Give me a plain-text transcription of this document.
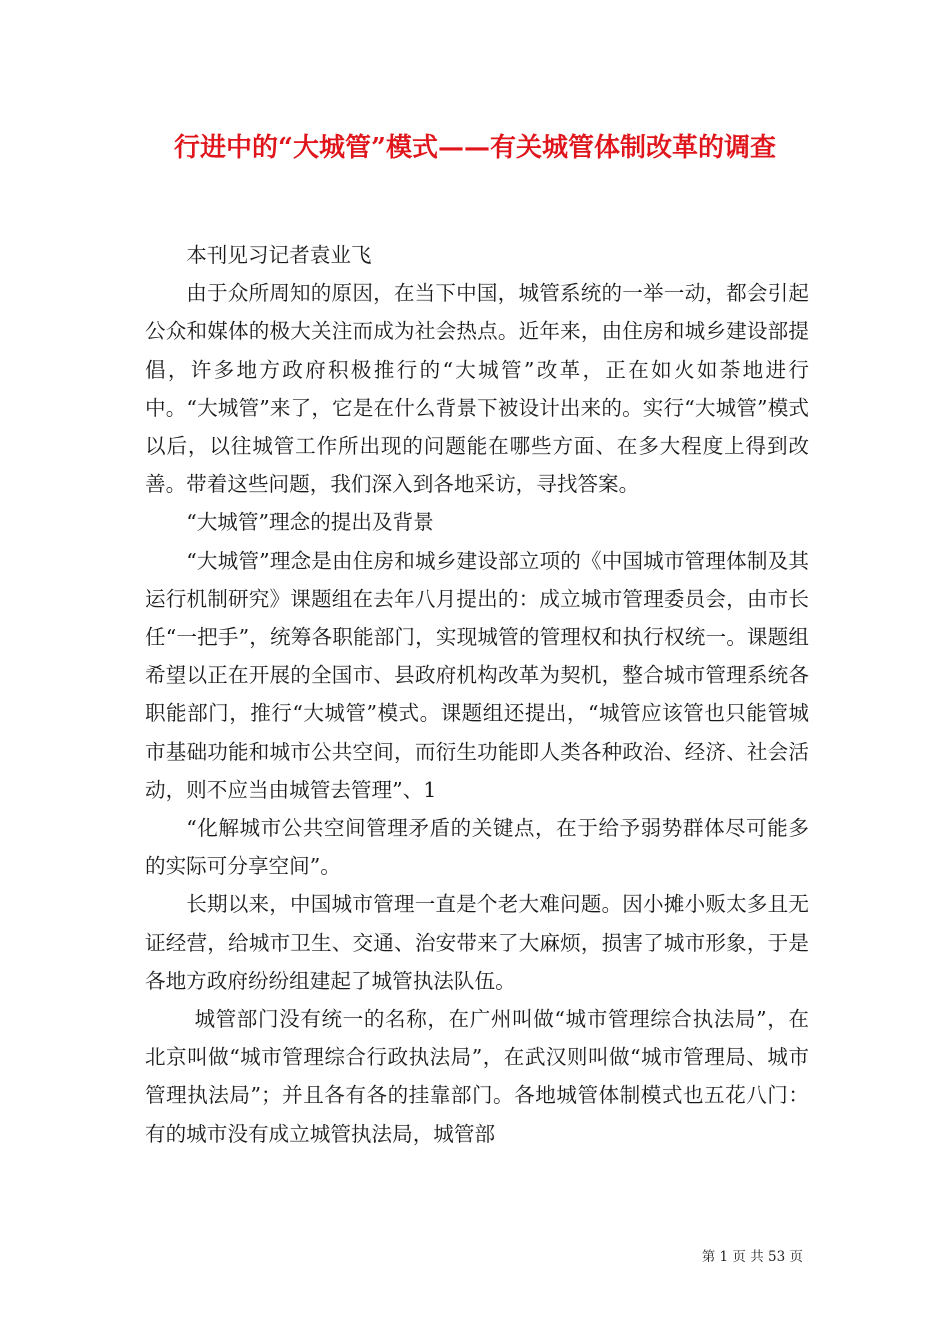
行进中的“大城管”模式——有关城管体制改革的调查

本刊见习记者袁业飞

由于众所周知的原因，在当下中国，城管系统的一举一动，都会引起公众和媒体的极大关注而成为社会热点。近年来，由住房和城乡建设部提倡，许多地方政府积极推行的“大城管”改革，正在如火如荼地进行中。“大城管”来了，它是在什么背景下被设计出来的。实行“大城管”模式以后，以往城管工作所出现的问题能在哪些方面、在多大程度上得到改善。带着这些问题，我们深入到各地采访，寻找答案。

“大城管”理念的提出及背景

“大城管”理念是由住房和城乡建设部立项的《中国城市管理体制及其运行机制研究》课题组在去年八月提出的：成立城市管理委员会，由市长任“一把手”，统筹各职能部门，实现城管的管理权和执行权统一。课题组希望以正在开展的全国市、县政府机构改革为契机，整合城市管理系统各职能部门，推行“大城管”模式。课题组还提出，“城管应该管也只能管城市基础功能和城市公共空间，而衍生功能即人类各种政治、经济、社会活动，则不应当由城管去管理”、1

“化解城市公共空间管理矛盾的关键点，在于给予弱势群体尽可能多的实际可分享空间”。

长期以来，中国城市管理一直是个老大难问题。因小摊小贩太多且无证经营，给城市卫生、交通、治安带来了大麻烦，损害了城市形象，于是各地方政府纷纷组建起了城管执法队伍。

城管部门没有统一的名称，在广州叫做“城市管理综合执法局”，在北京叫做“城市管理综合行政执法局”，在武汉则叫做“城市管理局、城市管理执法局”；并且各有各的挂靠部门。各地城管体制模式也五花八门：有的城市没有成立城管执法局，城管部

第 1 页 共 53 页
